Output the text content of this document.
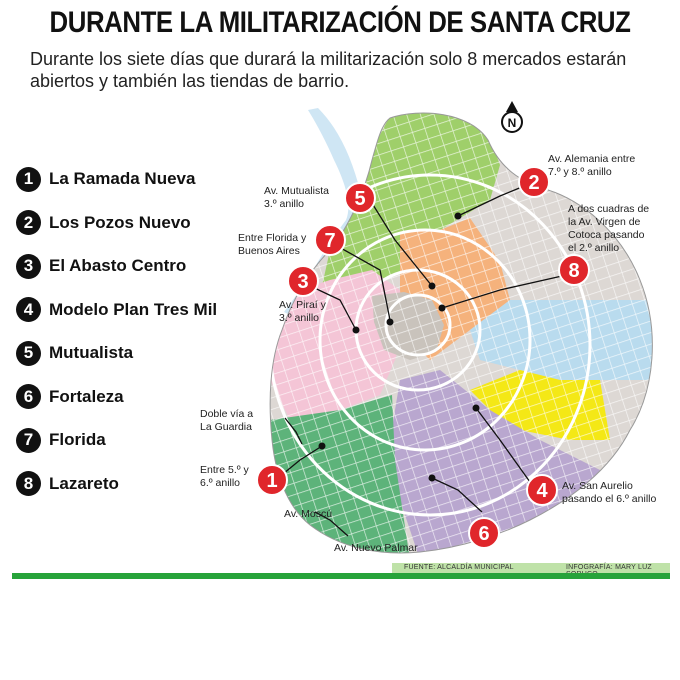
DURANTE LA MILITARIZACIÓN DE SANTA CRUZ
Durante los siete días que durará la militarización solo 8 mercados estarán abiertos y también las tiendas de barrio.
1 La Ramada Nueva
2 Los Pozos Nuevo
3 El Abasto Centro
4 Modelo Plan Tres Mil
5 Mutualista
6 Fortaleza
7 Florida
8 Lazareto
N
1
2
3
4
5
6
7
8
Av. Alemania entre
7.º y 8.º anillo
Av. Mutualista
3.º anillo	A dos cuadras de
la Av. Virgen de
Cotoca pasando
el 2.º anillo
Entre Florida y
Buenos Aires
Av. Piraí y
3.º anillo
Doble vía a
La Guardia
Entre 5.º y
6.º anillo
Av. Moscú
Av. San Aurelio
pasando el 6.º anillo
Av. Nuevo Palmar
FUENTE: ALCALDÍA MUNICIPAL	INFOGRAFÍA: MARY LUZ
